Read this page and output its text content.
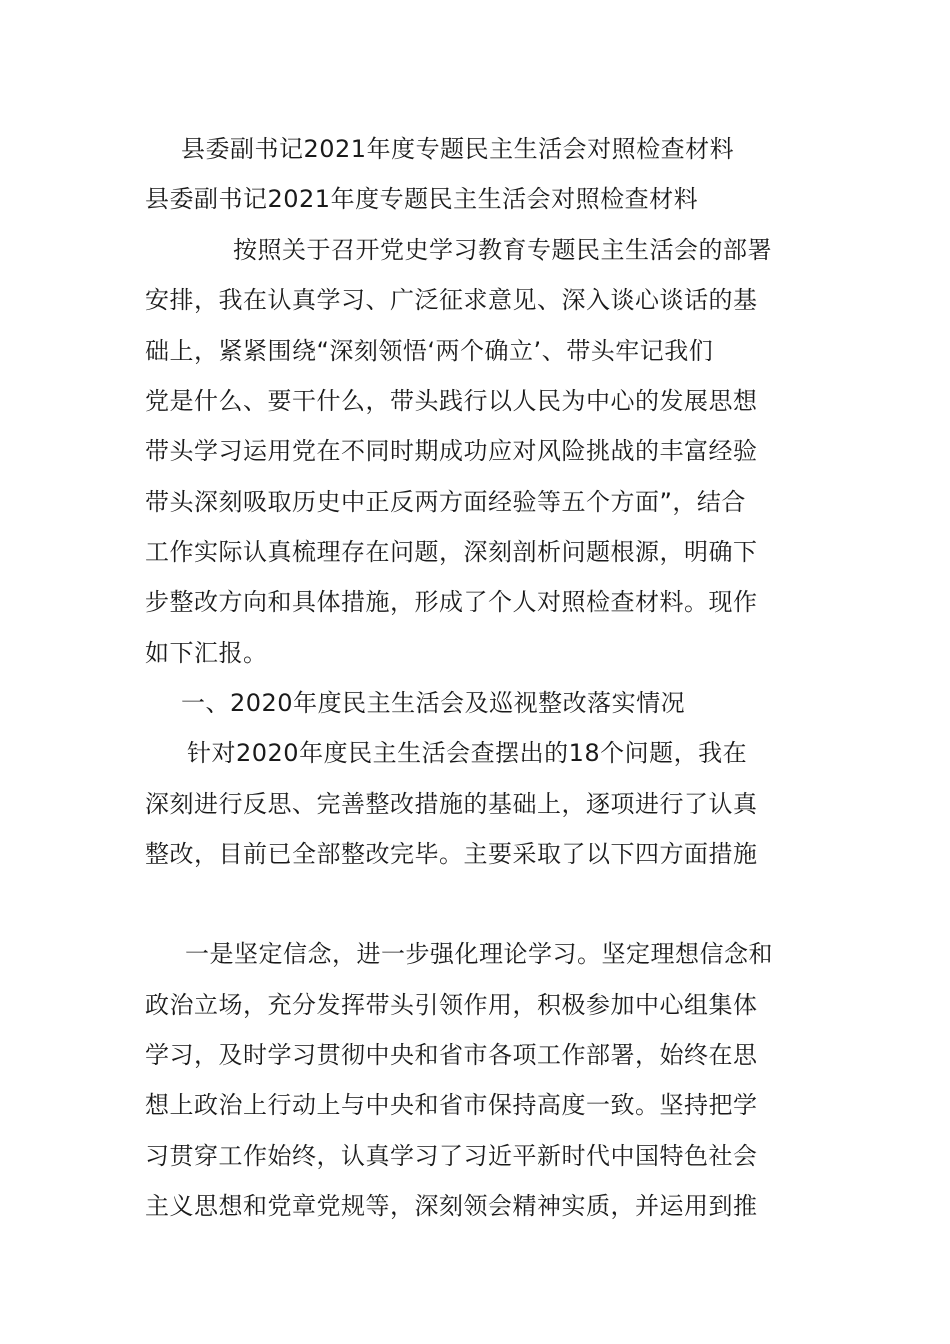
县委副书记2021年度专题民主生活会对照检查材料

县委副书记2021年度专题民主生活会对照检查材料

按照关于召开党史学习教育专题民主生活会的部署

安排，我在认真学习、广泛征求意见、深入谈心谈话的基

础上，紧紧围绕“深刻领悟‘两个确立’、带头牢记我们

党是什么、要干什么，带头践行以人民为中心的发展思想

带头学习运用党在不同时期成功应对风险挑战的丰富经验

带头深刻吸取历史中正反两方面经验等五个方面”，结合

工作实际认真梳理存在问题，深刻剖析问题根源，明确下

步整改方向和具体措施，形成了个人对照检查材料。现作

如下汇报。

一、2020年度民主生活会及巡视整改落实情况

针对2020年度民主生活会查摆出的18个问题，我在

深刻进行反思、完善整改措施的基础上，逐项进行了认真

整改，目前已全部整改完毕。主要采取了以下四方面措施

一是坚定信念，进一步强化理论学习。坚定理想信念和

政治立场，充分发挥带头引领作用，积极参加中心组集体

学习，及时学习贯彻中央和省市各项工作部署，始终在思

想上政治上行动上与中央和省市保持高度一致。坚持把学

习贯穿工作始终，认真学习了习近平新时代中国特色社会

主义思想和党章党规等，深刻领会精神实质，并运用到推
